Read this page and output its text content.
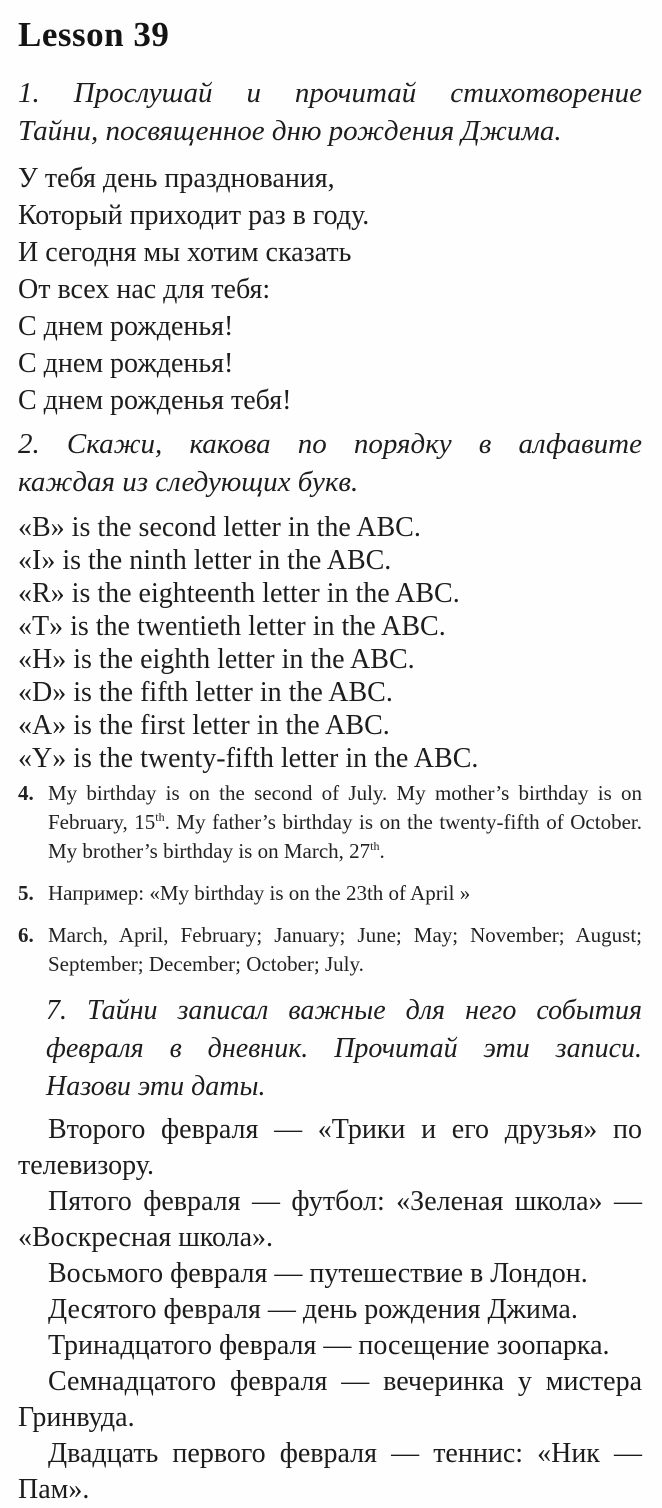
Lesson 39
1. Прослушай и прочитай стихотворение
Тайни, посвященное дню рождения Джима.
У тебя день празднования,
Который приходит раз в году.
И сегодня мы хотим сказать
От всех нас для тебя:
С днем рожденья!
С днем рожденья!
С днем рожденья тебя!
2. Скажи, какова по порядку в алфавите
каждая из следующих букв.
«B» is the second letter in the ABC.
«I» is the ninth letter in the ABC.
«R» is the eighteenth letter in the ABC.
«T» is the twentieth letter in the ABC.
«H» is the eighth letter in the ABC.
«D» is the fifth letter in the ABC.
«A» is the first letter in the ABC.
«Y» is the twenty-fifth letter in the ABC.
4. My birthday is on the second of July. My mother’s birthday is on February, 15th. My father’s birthday is on the twenty-fifth of October. My brother’s birthday is on March, 27th.
5. Например: «My birthday is on the 23th of April »
6. March, April, February; January; June; May; November; August; September; December; October; July.
7. Тайни записал важные для него события
февраля в дневник. Прочитай эти записи.
Назови эти даты.

Второго февраля — «Трики и его друзья» по телевизору.

Пятого февраля — футбол: «Зеленая школа» — «Воскресная школа».

Восьмого февраля — путешествие в Лондон.

Десятого февраля — день рождения Джима.

Тринадцатого февраля — посещение зоопарка.

Семнадцатого февраля — вечеринка у мистера Гринвуда.

Двадцать первого февраля — теннис: «Ник — Пам».
